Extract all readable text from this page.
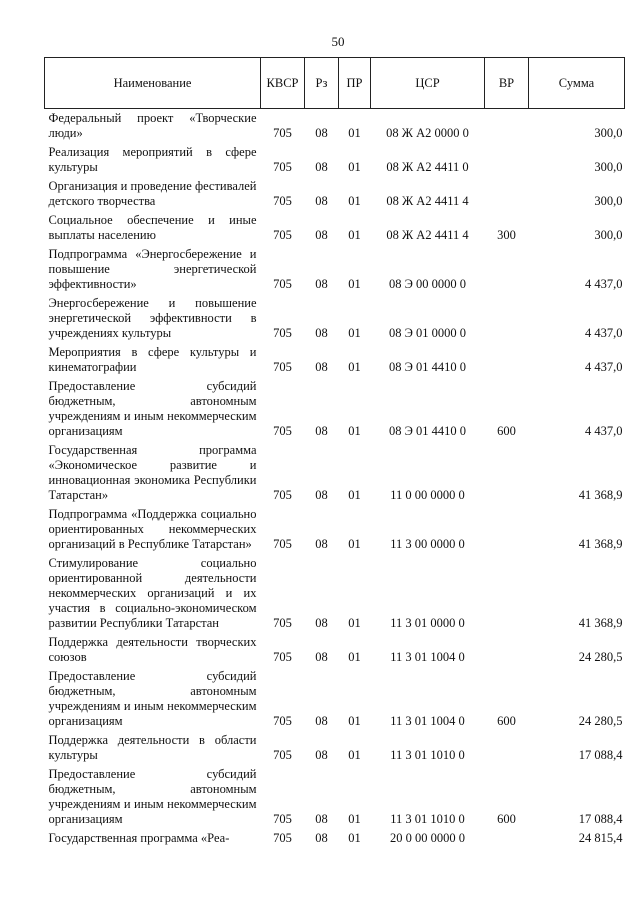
50
Наименование	КВСР	Рз	ПР	ЦСР	ВР	Сумма
Федеральный проект «Творческие люди»	705	08	01	08 Ж А2 0000 0		300,0
Реализация мероприятий в сфере культуры	705	08	01	08 Ж А2 4411 0		300,0
Организация и проведение фестивалей детского творчества	705	08	01	08 Ж А2 4411 4		300,0
Социальное обеспечение и иные выплаты населению	705	08	01	08 Ж А2 4411 4	300	300,0
Подпрограмма «Энергосбережение и повышение энергетической эффективности»	705	08	01	08 Э 00 0000 0		4 437,0
Энергосбережение и повышение энергетической эффективности в учреждениях культуры	705	08	01	08 Э 01 0000 0		4 437,0
Мероприятия в сфере культуры и кинематографии	705	08	01	08 Э 01 4410 0		4 437,0
Предоставление субсидий бюджетным, автономным учреждениям и иным некоммерческим организациям	705	08	01	08 Э 01 4410 0	600	4 437,0
Государственная программа «Экономическое развитие и инновационная экономика Республики Татарстан»	705	08	01	11 0 00 0000 0		41 368,9
Подпрограмма «Поддержка социально ориентированных некоммерческих организаций в Республике Татарстан»	705	08	01	11 3 00 0000 0		41 368,9
Стимулирование социально ориентированной деятельности некоммерческих организаций и их участия в социально-экономическом развитии Республики Татарстан	705	08	01	11 3 01 0000 0		41 368,9
Поддержка деятельности творческих союзов	705	08	01	11 3 01 1004 0		24 280,5
Предоставление субсидий бюджетным, автономным учреждениям и иным некоммерческим организациям	705	08	01	11 3 01 1004 0	600	24 280,5
Поддержка деятельности в области культуры	705	08	01	11 3 01 1010 0		17 088,4
Предоставление субсидий бюджетным, автономным учреждениям и иным некоммерческим организациям	705	08	01	11 3 01 1010 0	600	17 088,4
Государственная программа «Реа-	705	08	01	20 0 00 0000 0		24 815,4
